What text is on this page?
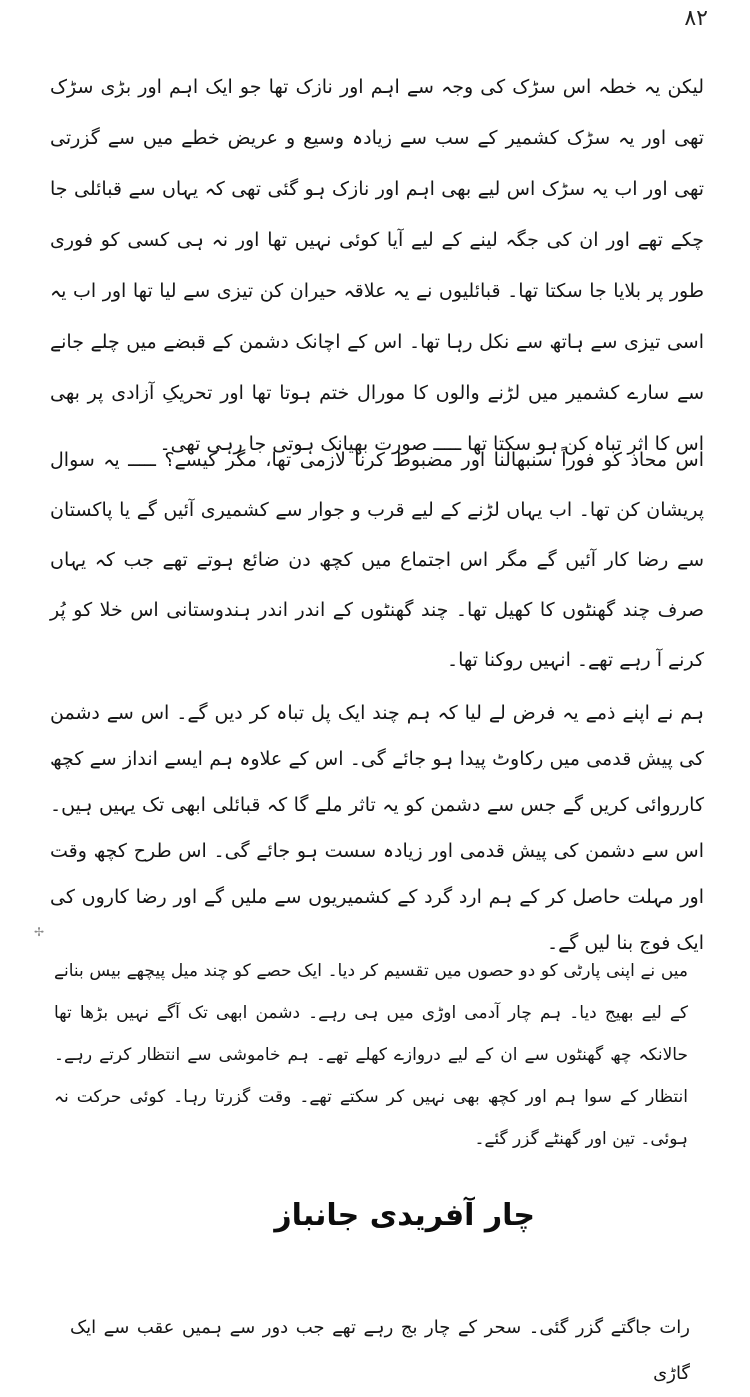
۸۲

لیکن یہ خطہ اس سڑک کی وجہ سے اہم اور نازک تھا جو ایک اہم اور بڑی سڑک تھی اور یہ سڑک کشمیر کے سب سے زیادہ وسیع و عریض خطے میں سے گزرتی تھی اور اب یہ سڑک اس لیے بھی اہم اور نازک ہو گئی تھی کہ یہاں سے قبائلی جا چکے تھے اور ان کی جگہ لینے کے لیے آیا کوئی نہیں تھا اور نہ ہی کسی کو فوری طور پر بلایا جا سکتا تھا۔ قبائلیوں نے یہ علاقہ حیران کن تیزی سے لیا تھا اور اب یہ اسی تیزی سے ہاتھ سے نکل رہا تھا۔ اس کے اچانک دشمن کے قبضے میں چلے جانے سے سارے کشمیر میں لڑنے والوں کا مورال ختم ہوتا تھا اور تحریکِ آزادی پر بھی اس کا اثر تباہ کن ہو سکتا تھا ـــــ صورت بھیانک ہوتی جا رہی تھی۔

اس محاذ کو فوراً سنبھالنا اور مضبوط کرنا لازمی تھا، مگر کیسے؟ ـــــ یہ سوال پریشان کن تھا۔ اب یہاں لڑنے کے لیے قرب و جوار سے کشمیری آئیں گے یا پاکستان سے رضا کار آئیں گے مگر اس اجتماع میں کچھ دن ضائع ہوتے تھے جب کہ یہاں صرف چند گھنٹوں کا کھیل تھا۔ چند گھنٹوں کے اندر اندر ہندوستانی اس خلا کو پُر کرنے آ رہے تھے۔ انہیں روکنا تھا۔

ہم نے اپنے ذمے یہ فرض لے لیا کہ ہم چند ایک پل تباہ کر دیں گے۔ اس سے دشمن کی پیش قدمی میں رکاوٹ پیدا ہو جائے گی۔ اس کے علاوہ ہم ایسے انداز سے کچھ کارروائی کریں گے جس سے دشمن کو یہ تاثر ملے گا کہ قبائلی ابھی تک یہیں ہیں۔ اس سے دشمن کی پیش قدمی اور زیادہ سست ہو جائے گی۔ اس طرح کچھ وقت اور مہلت حاصل کر کے ہم ارد گرد کے کشمیریوں سے ملیں گے اور رضا کاروں کی ایک فوج بنا لیں گے۔

میں نے اپنی پارٹی کو دو حصوں میں تقسیم کر دیا۔ ایک حصے کو چند میل پیچھے بیس بنانے کے لیے بھیج دیا۔ ہم چار آدمی اوڑی میں ہی رہے۔ دشمن ابھی تک آگے نہیں بڑھا تھا حالانکہ چھ گھنٹوں سے ان کے لیے دروازے کھلے تھے۔ ہم خاموشی سے انتظار کرتے رہے۔ انتظار کے سوا ہم اور کچھ بھی نہیں کر سکتے تھے۔ وقت گزرتا رہا۔ کوئی حرکت نہ ہوئی۔ تین اور گھنٹے گزر گئے۔

✢
چار آفریدی جانباز

رات جاگتے گزر گئی۔ سحر کے چار بج رہے تھے جب دور سے ہمیں عقب سے ایک گاڑی
